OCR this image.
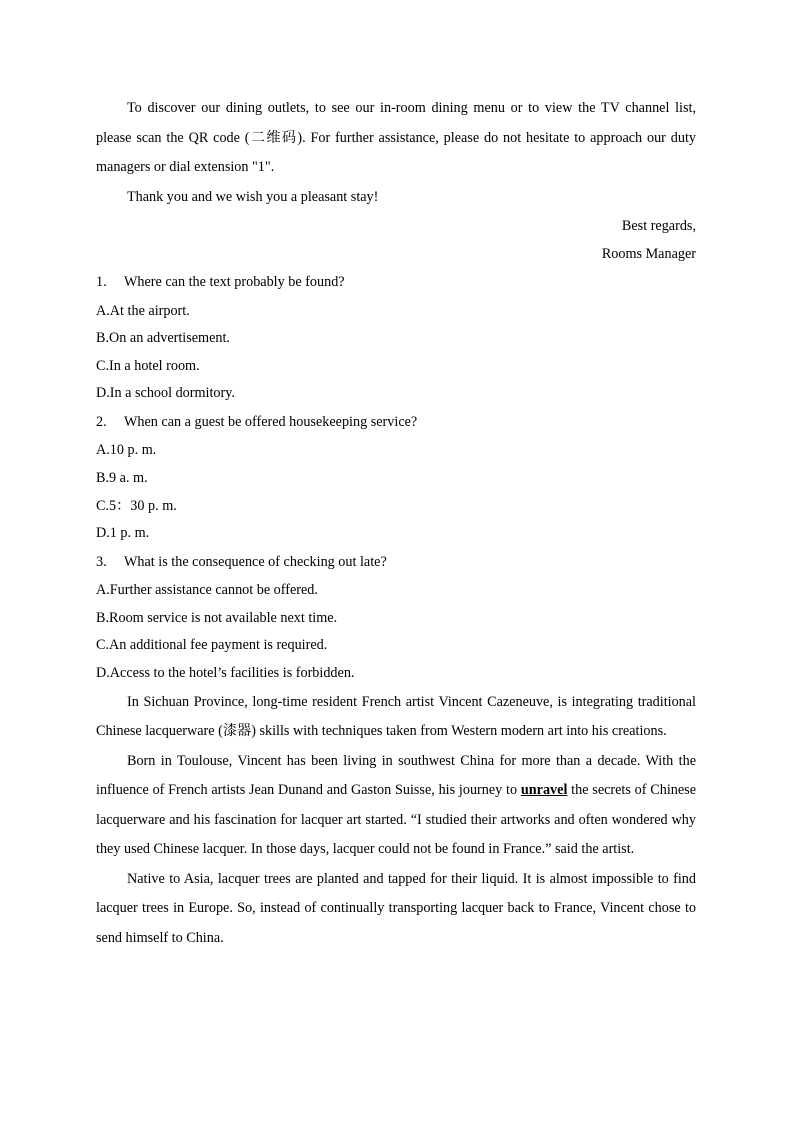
To discover our dining outlets, to see our in-room dining menu or to view the TV channel list, please scan the QR code (二维码). For further assistance, please do not hesitate to approach our duty managers or dial extension "1".

Thank you and we wish you a pleasant stay!

Best regards,

Rooms Manager

1. Where can the text probably be found?

A.At the airport.

B.On an advertisement.

C.In a hotel room.

D.In a school dormitory.

2. When can a guest be offered housekeeping service?

A.10 p. m.

B.9 a. m.

C.5：30 p. m.

D.1 p. m.

3. What is the consequence of checking out late?

A.Further assistance cannot be offered.

B.Room service is not available next time.

C.An additional fee payment is required.

D.Access to the hotel’s facilities is forbidden.

In Sichuan Province, long-time resident French artist Vincent Cazeneuve, is integrating traditional Chinese lacquerware (漆器) skills with techniques taken from Western modern art into his creations.

Born in Toulouse, Vincent has been living in southwest China for more than a decade. With the influence of French artists Jean Dunand and Gaston Suisse, his journey to unravel the secrets of Chinese lacquerware and his fascination for lacquer art started. “I studied their artworks and often wondered why they used Chinese lacquer. In those days, lacquer could not be found in France.” said the artist.

Native to Asia, lacquer trees are planted and tapped for their liquid. It is almost impossible to find lacquer trees in Europe. So, instead of continually transporting lacquer back to France, Vincent chose to send himself to China.
